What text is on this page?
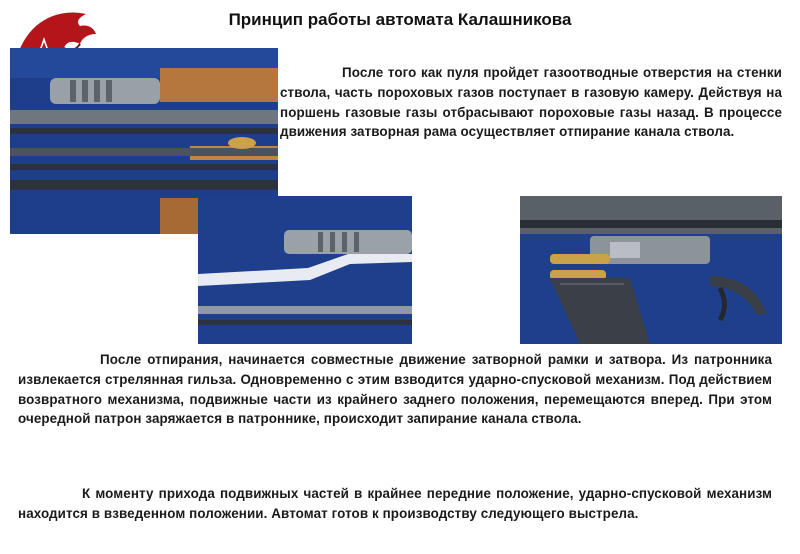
Принцип работы автомата Калашникова
После того как пуля пройдет газоотводные отверстия на стенки ствола, часть пороховых газов поступает в газовую камеру. Действуя на поршень газовые газы отбрасывают пороховые газы назад. В процессе движения затворная рама осуществляет отпирание канала ствола.
После отпирания, начинается совместные движение затворной рамки и затвора. Из патронника извлекается стрелянная гильза. Одновременно с этим взводится ударно-спусковой механизм. Под действием возвратного механизма, подвижные части из крайнего заднего положения, перемещаются вперед. При этом очередной патрон заряжается в патроннике, происходит запирание канала ствола.
К моменту прихода подвижных частей в крайнее передние положение, ударно-спусковой механизм находится в взведенном положении. Автомат готов к производству следующего выстрела.
